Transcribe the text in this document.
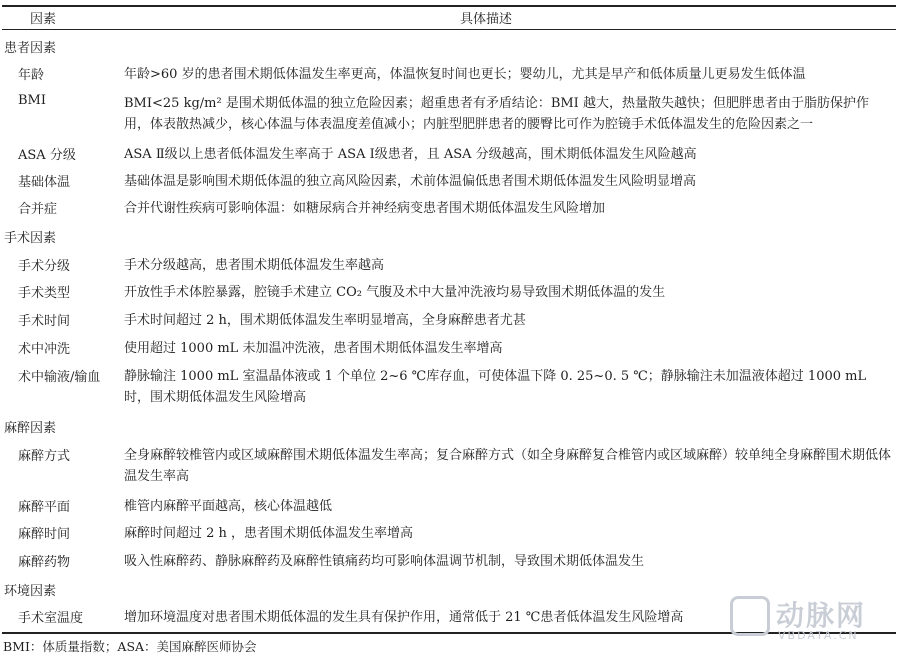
因素	具体描述
患者因素
年龄	年龄>60 岁的患者围术期低体温发生率更高，体温恢复时间也更长；婴幼儿，尤其是早产和低体质量儿更易发生低体温
BMI	BMI<25 kg/m² 是围术期低体温的独立危险因素；超重患者有矛盾结论：BMI 越大，热量散失越快；但肥胖患者由于脂肪保护作用，体表散热减少，核心体温与体表温度差值减小；内脏型肥胖患者的腰臀比可作为腔镜手术低体温发生的危险因素之一
ASA 分级	ASA Ⅱ级以上患者低体温发生率高于 ASA Ⅰ级患者，且 ASA 分级越高，围术期低体温发生风险越高
基础体温	基础体温是影响围术期低体温的独立高风险因素，术前体温偏低患者围术期低体温发生风险明显增高
合并症	合并代谢性疾病可影响体温：如糖尿病合并神经病变患者围术期低体温发生风险增加
手术因素
手术分级	手术分级越高，患者围术期低体温发生率越高
手术类型	开放性手术体腔暴露，腔镜手术建立 CO₂ 气腹及术中大量冲洗液均易导致围术期低体温的发生
手术时间	手术时间超过 2 h，围术期低体温发生率明显增高，全身麻醉患者尤甚
术中冲洗	使用超过 1000 mL 未加温冲洗液，患者围术期低体温发生率增高
术中输液/输血 静脉输注 1000 mL 室温晶体液或 1 个单位 2~6 ℃库存血，可使体温下降 0. 25~0. 5 ℃；静脉输注未加温液体超过 1000 mL 时，围术期低体温发生风险增高
麻醉因素
麻醉方式	全身麻醉较椎管内或区域麻醉围术期低体温发生率高；复合麻醉方式（如全身麻醉复合椎管内或区域麻醉）较单纯全身麻醉围术期低体温发生率高
麻醉平面	椎管内麻醉平面越高，核心体温越低
麻醉时间	麻醉时间超过 2 h ，患者围术期低体温发生率增高
麻醉药物	吸入性麻醉药、静脉麻醉药及麻醉性镇痛药均可影响体温调节机制，导致围术期低体温发生
环境因素
手术室温度	增加环境温度对患者围术期低体温的发生具有保护作用，通常低于 21 ℃患者低体温发生风险增高	动脉网
VBDATA.CN
BMI：体质量指数；ASA：美国麻醉医师协会
